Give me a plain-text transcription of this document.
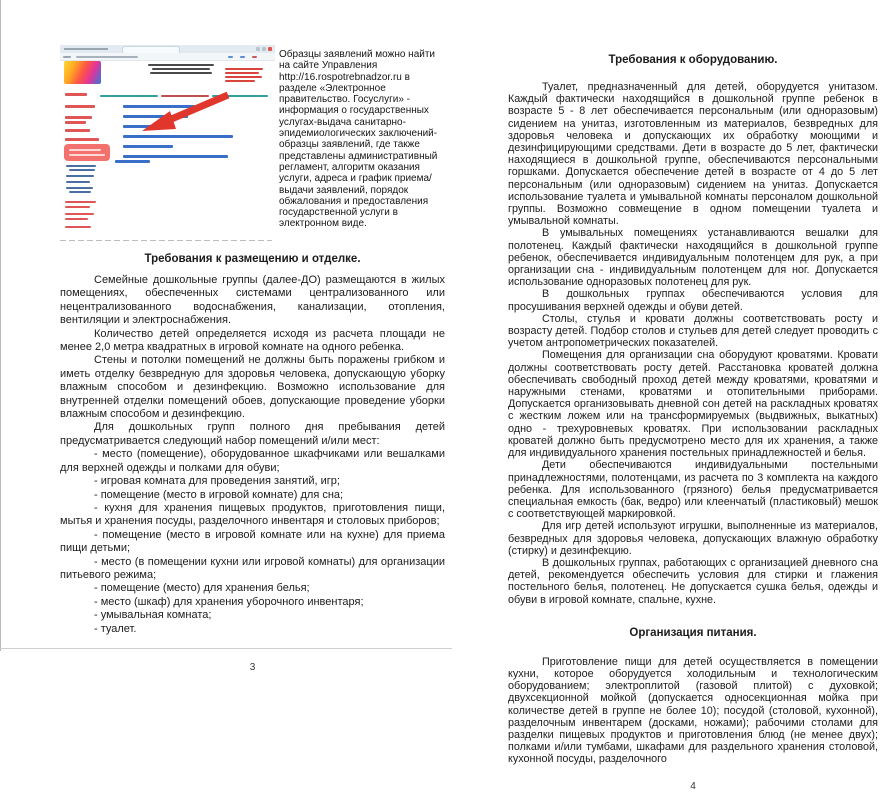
Образцы заявлений можно найти на сайте Управления http://16.rospotrebnadzor.ru в разделе «Электронное правительство. Госуслуги» - информация о государственных услугах-выдача санитарно-эпидемиологических заключений-образцы заявлений, где также представлены административный регламент, алгоритм оказания услуги, адреса и график приема/выдачи заявлений, порядок обжалования и предоставления государственной услуги в электронном виде.
Требования к размещению и отделке.

Семейные дошкольные группы (далее-ДО) размещаются в жилых помещениях, обеспеченных системами централизованного или нецентрализованного водоснабжения, канализации, отопления, вентиляции и электроснабжения.

Количество детей определяется исходя из расчета площади не менее 2,0 метра квадратных в игровой комнате на одного ребенка.

Стены и потолки помещений не должны быть поражены грибком и иметь отделку безвредную для здоровья человека, допускающую уборку влажным способом и дезинфекцию. Возможно использование для внутренней отделки помещений обоев, допускающие проведение уборки влажным способом и дезинфекцию.

Для дошкольных групп полного дня пребывания детей предусматривается следующий набор помещений и/или мест:

- место (помещение), оборудованное шкафчиками или вешалками для верхней одежды и полками для обуви;

- игровая комната для проведения занятий, игр;

- помещение (место в игровой комнате) для сна;

- кухня для хранения пищевых продуктов, приготовления пищи, мытья и хранения посуды, разделочного инвентаря и столовых приборов;

- помещение (место в игровой комнате или на кухне) для приема пищи детьми;

- место (в помещении кухни или игровой комнаты) для организации питьевого режима;

- помещение (место) для хранения белья;

- место (шкаф) для хранения уборочного инвентаря;

- умывальная комната;

- туалет.

3
Требования к оборудованию.

Туалет, предназначенный для детей, оборудуется унитазом. Каждый фактически находящийся в дошкольной группе ребенок в возрасте 5 - 8 лет обеспечивается персональным (или одноразовым) сидением на унитаз, изготовленным из материалов, безвредных для здоровья человека и допускающих их обработку моющими и дезинфицирующими средствами. Дети в возрасте до 5 лет, фактически находящиеся в дошкольной группе, обеспечиваются персональными горшками. Допускается обеспечение детей в возрасте от 4 до 5 лет персональным (или одноразовым) сидением на унитаз. Допускается использование туалета и умывальной комнаты персоналом дошкольной группы. Возможно совмещение в одном помещении туалета и умывальной комнаты.

В умывальных помещениях устанавливаются вешалки для полотенец. Каждый фактически находящийся в дошкольной группе ребенок, обеспечивается индивидуальным полотенцем для рук, а при организации сна - индивидуальным полотенцем для ног. Допускается использование одноразовых полотенец для рук.

В дошкольных группах обеспечиваются условия для просушивания верхней одежды и обуви детей.

Столы, стулья и кровати должны соответствовать росту и возрасту детей. Подбор столов и стульев для детей следует проводить с учетом антропометрических показателей.

Помещения для организации сна оборудуют кроватями. Кровати должны соответствовать росту детей. Расстановка кроватей должна обеспечивать свободный проход детей между кроватями, кроватями и наружными стенами, кроватями и отопительными приборами. Допускается организовывать дневной сон детей на раскладных кроватях с жестким ложем или на трансформируемых (выдвижных, выкатных) одно - трехуровневых кроватях. При использовании раскладных кроватей должно быть предусмотрено место для их хранения, а также для индивидуального хранения постельных принадлежностей и белья.

Дети обеспечиваются индивидуальными постельными принадлежностями, полотенцами, из расчета по 3 комплекта на каждого ребенка. Для использованного (грязного) белья предусматривается специальная емкость (бак, ведро) или клеенчатый (пластиковый) мешок с соответствующей маркировкой.

Для игр детей используют игрушки, выполненные из материалов, безвредных для здоровья человека, допускающих влажную обработку (стирку) и дезинфекцию.

В дошкольных группах, работающих с организацией дневного сна детей, рекомендуется обеспечить условия для стирки и глажения постельного белья, полотенец. Не допускается сушка белья, одежды и обуви в игровой комнате, спальне, кухне.

Организация питания.

Приготовление пищи для детей осуществляется в помещении кухни, которое оборудуется холодильным и технологическим оборудованием; электроплитой (газовой плитой) с духовкой; двухсекционной мойкой (допускается односекционная мойка при количестве детей в группе не более 10); посудой (столовой, кухонной), разделочным инвентарем (досками, ножами); рабочими столами для разделки пищевых продуктов и приготовления блюд (не менее двух); полками и/или тумбами, шкафами для раздельного хранения столовой, кухонной посуды, разделочного

4
